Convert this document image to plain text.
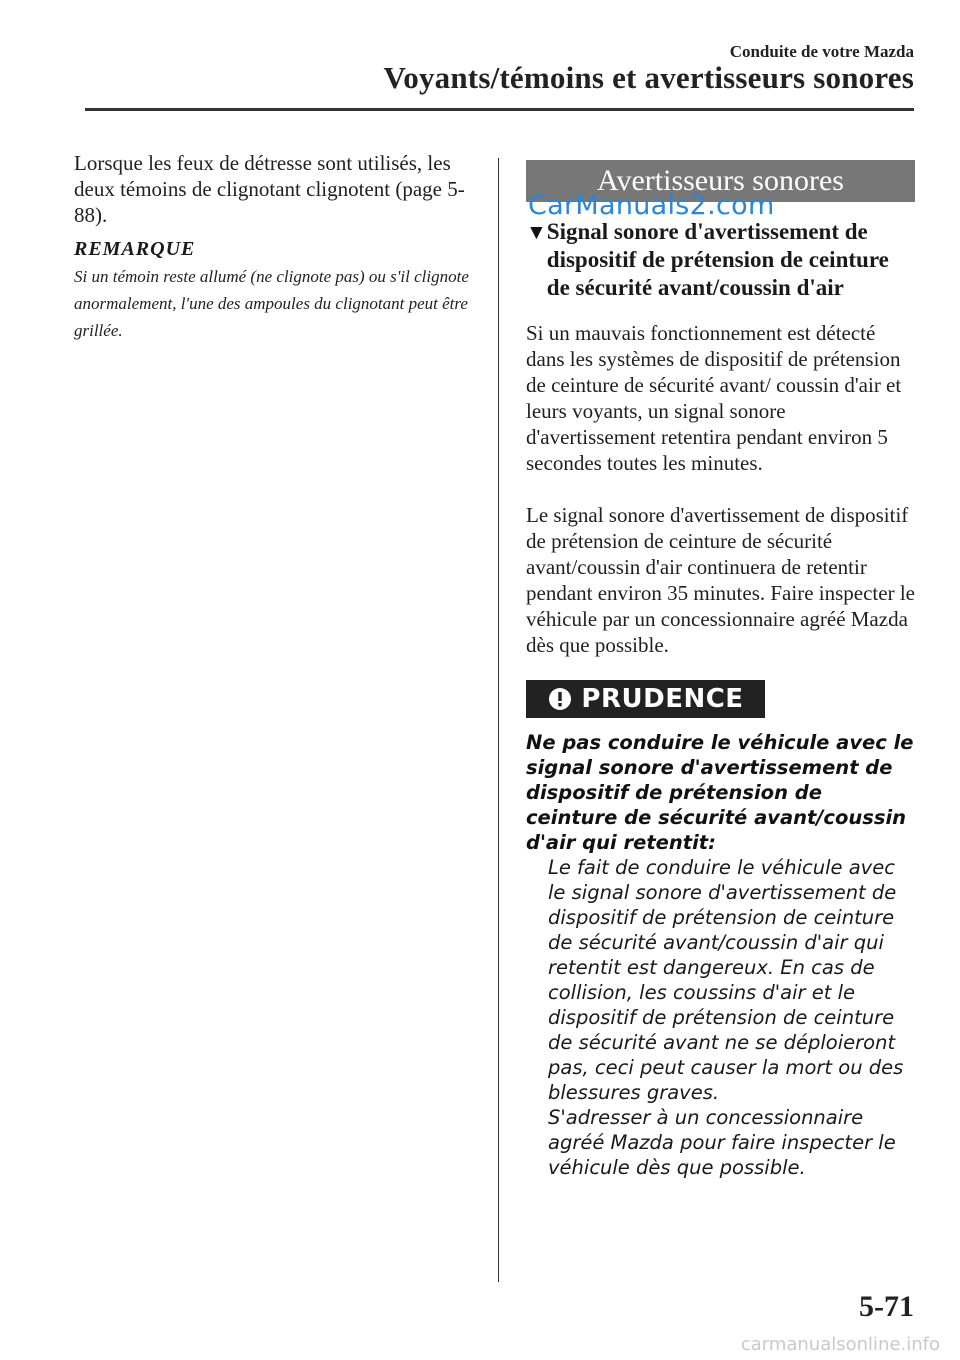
Conduite de votre Mazda
Voyants/témoins et avertisseurs sonores

Lorsque les feux de détresse sont utilisés, les deux témoins de clignotant clignotent (page 5-88).

REMARQUE

Si un témoin reste allumé (ne clignote pas) ou s'il clignote anormalement, l'une des ampoules du clignotant peut être grillée.

Avertisseurs sonores
CarManuals2.com
▼ Signal sonore d'avertissement de dispositif de prétension de ceinture de sécurité avant/coussin d'air

Si un mauvais fonctionnement est détecté dans les systèmes de dispositif de prétension de ceinture de sécurité avant/ coussin d'air et leurs voyants, un signal sonore d'avertissement retentira pendant environ 5 secondes toutes les minutes.

Le signal sonore d'avertissement de dispositif de prétension de ceinture de sécurité avant/coussin d'air continuera de retentir pendant environ 35 minutes. Faire inspecter le véhicule par un concessionnaire agréé Mazda dès que possible.

PRUDENCE
Ne pas conduire le véhicule avec le signal sonore d'avertissement de dispositif de prétension de ceinture de sécurité avant/coussin d'air qui retentit:

Le fait de conduire le véhicule avec le signal sonore d'avertissement de dispositif de prétension de ceinture de sécurité avant/coussin d'air qui retentit est dangereux. En cas de collision, les coussins d'air et le dispositif de prétension de ceinture de sécurité avant ne se déploieront pas, ceci peut causer la mort ou des blessures graves.

S'adresser à un concessionnaire agréé Mazda pour faire inspecter le véhicule dès que possible.

5-71
carmanualsonline.info
